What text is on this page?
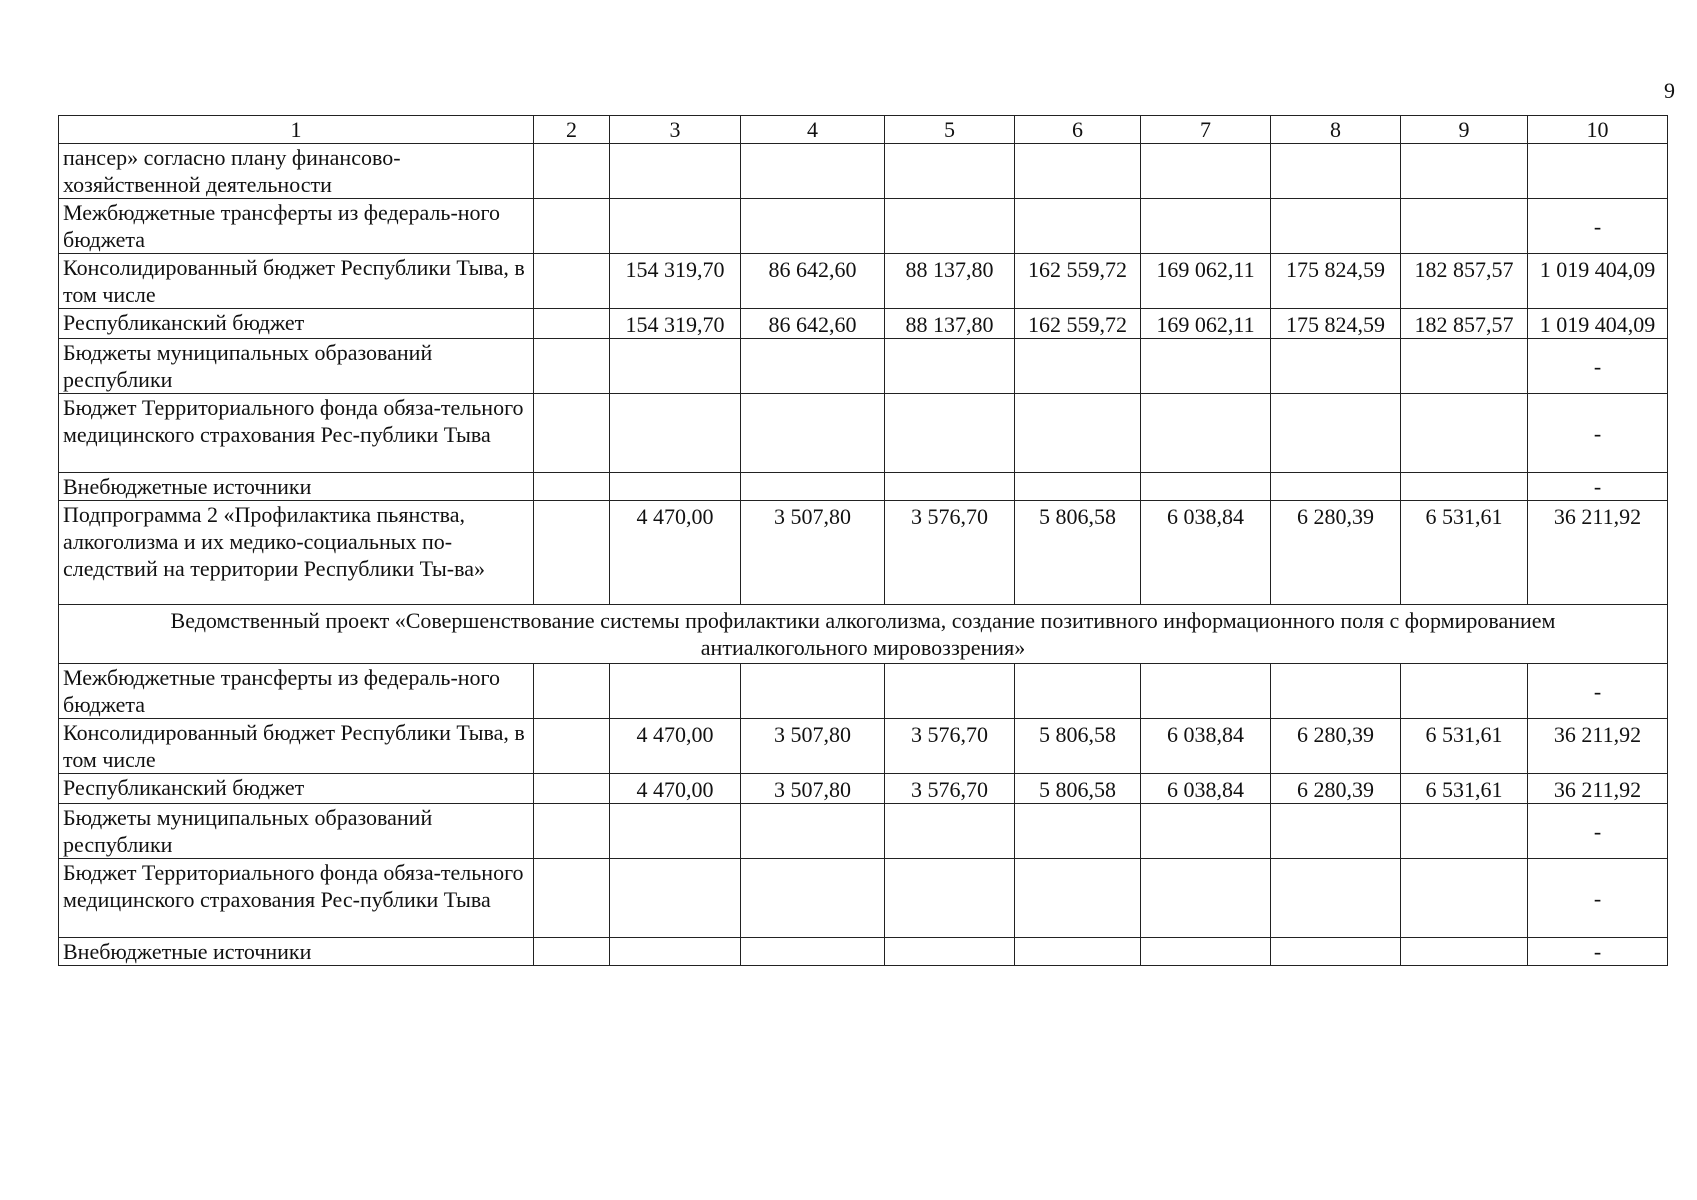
9
1	2	3	4	5	6	7	8	9	10
пансер» согласно плану финансово-хозяйственной деятельности									
Межбюджетные трансферты из федераль-ного бюджета									-
Консолидированный бюджет Республики Тыва, в том числе		154 319,70	86 642,60	88 137,80	162 559,72	169 062,11	175 824,59	182 857,57	1 019 404,09
Республиканский бюджет		154 319,70	86 642,60	88 137,80	162 559,72	169 062,11	175 824,59	182 857,57	1 019 404,09
Бюджеты муниципальных образований республики									-
Бюджет Территориального фонда обяза-тельного медицинского страхования Рес-публики Тыва									-
Внебюджетные источники									-
Подпрограмма 2 «Профилактика пьянства, алкоголизма и их медико-социальных по-следствий на территории Республики Ты-ва»		4 470,00	3 507,80	3 576,70	5 806,58	6 038,84	6 280,39	6 531,61	36 211,92
Ведомственный проект «Совершенствование системы профилактики алкоголизма, создание позитивного информационного поля с формированием антиалкогольного мировоззрения»									
Межбюджетные трансферты из федераль-ного бюджета									-
Консолидированный бюджет Республики Тыва, в том числе		4 470,00	3 507,80	3 576,70	5 806,58	6 038,84	6 280,39	6 531,61	36 211,92
Республиканский бюджет		4 470,00	3 507,80	3 576,70	5 806,58	6 038,84	6 280,39	6 531,61	36 211,92
Бюджеты муниципальных образований республики									-
Бюджет Территориального фонда обяза-тельного медицинского страхования Рес-публики Тыва									-
Внебюджетные источники									-
